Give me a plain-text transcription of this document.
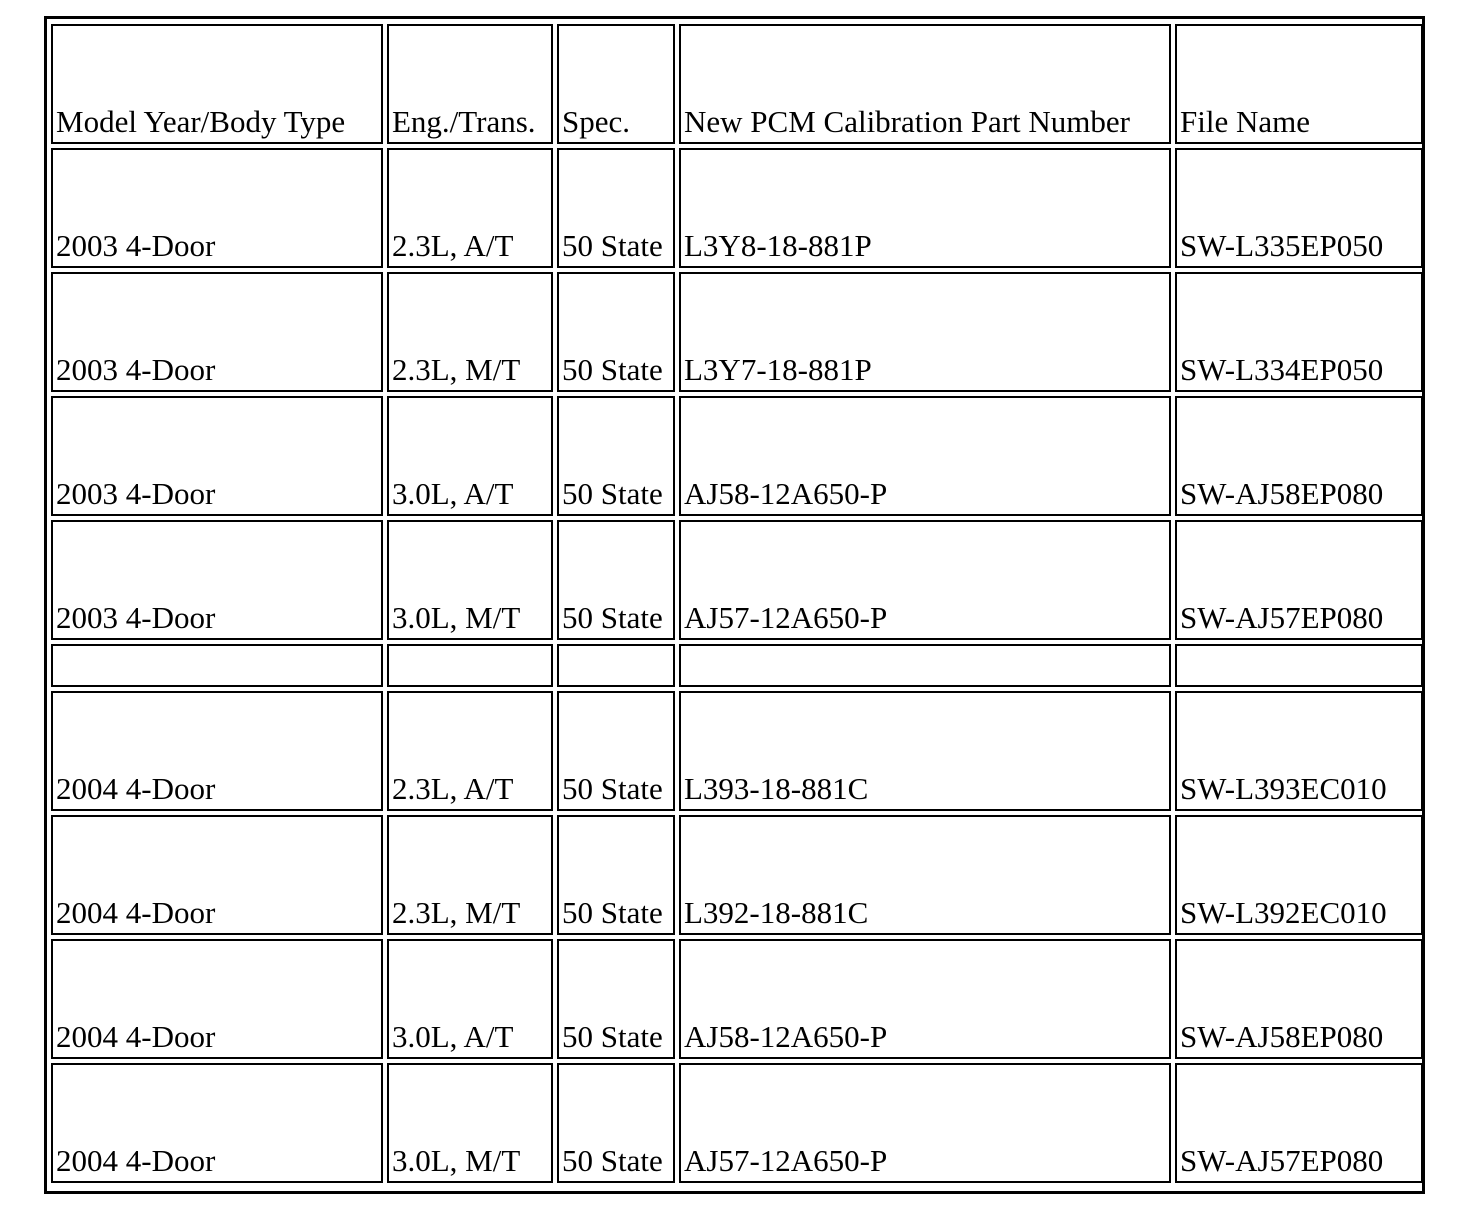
Model Year/Body Type	Eng./Trans.	Spec.	New PCM Calibration Part Number	File Name
2003 4-Door	2.3L, A/T	50 State	L3Y8-18-881P	SW-L335EP050
2003 4-Door	2.3L, M/T	50 State	L3Y7-18-881P	SW-L334EP050
2003 4-Door	3.0L, A/T	50 State	AJ58-12A650-P	SW-AJ58EP080
2003 4-Door	3.0L, M/T	50 State	AJ57-12A650-P	SW-AJ57EP080

2004 4-Door	2.3L, A/T	50 State	L393-18-881C	SW-L393EC010
2004 4-Door	2.3L, M/T	50 State	L392-18-881C	SW-L392EC010
2004 4-Door	3.0L, A/T	50 State	AJ58-12A650-P	SW-AJ58EP080
2004 4-Door	3.0L, M/T	50 State	AJ57-12A650-P	SW-AJ57EP080
